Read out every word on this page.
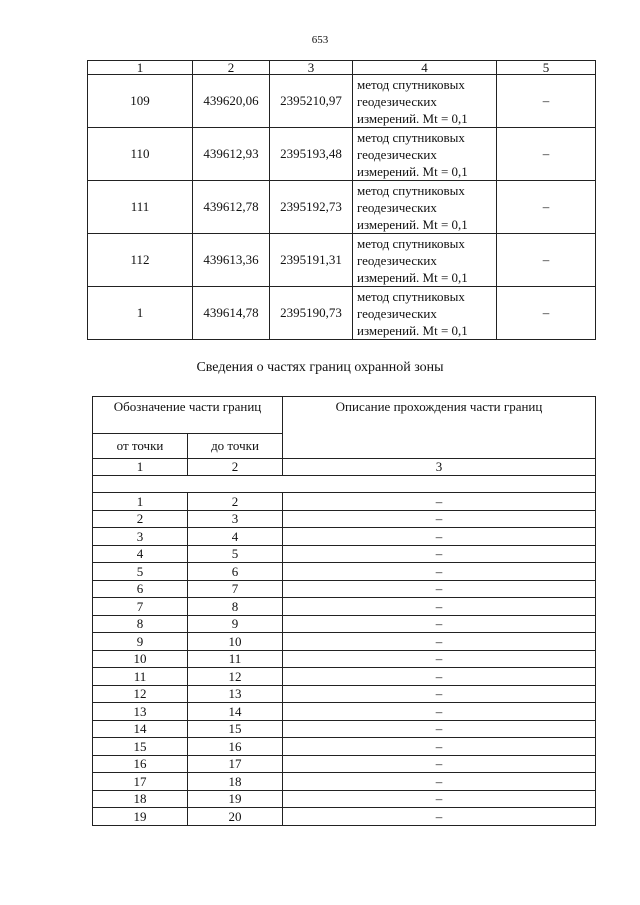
653
1	2	3	4	5
109	439620,06	2395210,97	метод спутниковых
геодезических
измерений. Mt = 0,1	–
110	439612,93	2395193,48	метод спутниковых
геодезических
измерений. Mt = 0,1	–
111	439612,78	2395192,73	метод спутниковых
геодезических
измерений. Mt = 0,1	–
112	439613,36	2395191,31	метод спутниковых
геодезических
измерений. Mt = 0,1	–
1	439614,78	2395190,73	метод спутниковых
геодезических
измерений. Mt = 0,1	–
Сведения о частях границ охранной зоны
Обозначение части границ		Описание прохождения части границ
от точки	до точки	
1	2	3

1	2	–
2	3	–
3	4	–
4	5	–
5	6	–
6	7	–
7	8	–
8	9	–
9	10	–
10	11	–
11	12	–
12	13	–
13	14	–
14	15	–
15	16	–
16	17	–
17	18	–
18	19	–
19	20	–
